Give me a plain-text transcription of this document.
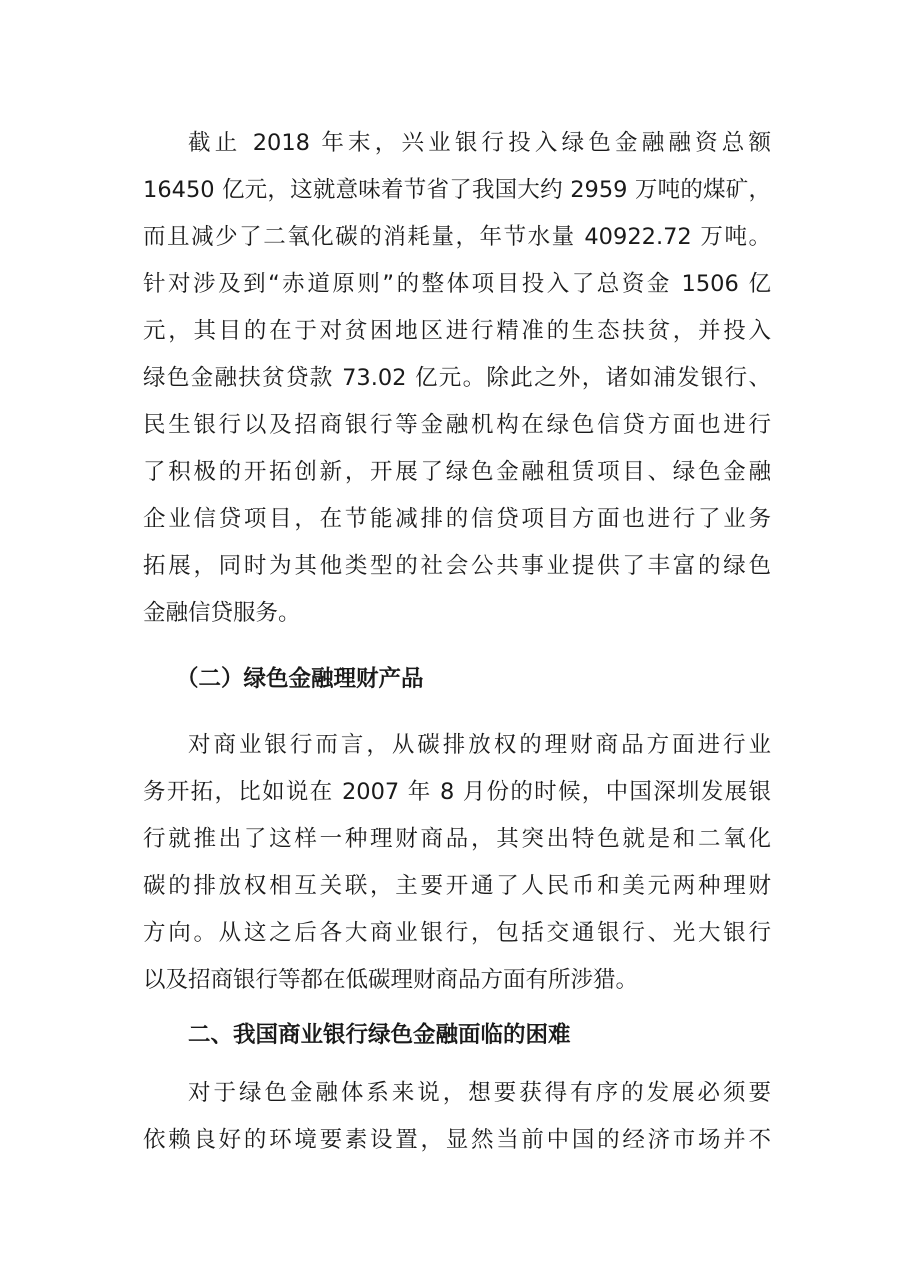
截止 2018 年末，兴业银行投入绿色金融融资总额
16450 亿元，这就意味着节省了我国大约 2959 万吨的煤矿，
而且减少了二氧化碳的消耗量，年节水量 40922.72 万吨。
针对涉及到“赤道原则”的整体项目投入了总资金 1506 亿
元，其目的在于对贫困地区进行精准的生态扶贫，并投入
绿色金融扶贫贷款 73.02 亿元。除此之外，诸如浦发银行、
民生银行以及招商银行等金融机构在绿色信贷方面也进行
了积极的开拓创新，开展了绿色金融租赁项目、绿色金融
企业信贷项目，在节能减排的信贷项目方面也进行了业务
拓展，同时为其他类型的社会公共事业提供了丰富的绿色
金融信贷服务。
（二）绿色金融理财产品
对商业银行而言，从碳排放权的理财商品方面进行业
务开拓，比如说在 2007 年 8 月份的时候，中国深圳发展银
行就推出了这样一种理财商品，其突出特色就是和二氧化
碳的排放权相互关联，主要开通了人民币和美元两种理财
方向。从这之后各大商业银行，包括交通银行、光大银行
以及招商银行等都在低碳理财商品方面有所涉猎。
二、我国商业银行绿色金融面临的困难
对于绿色金融体系来说，想要获得有序的发展必须要
依赖良好的环境要素设置，显然当前中国的经济市场并不
